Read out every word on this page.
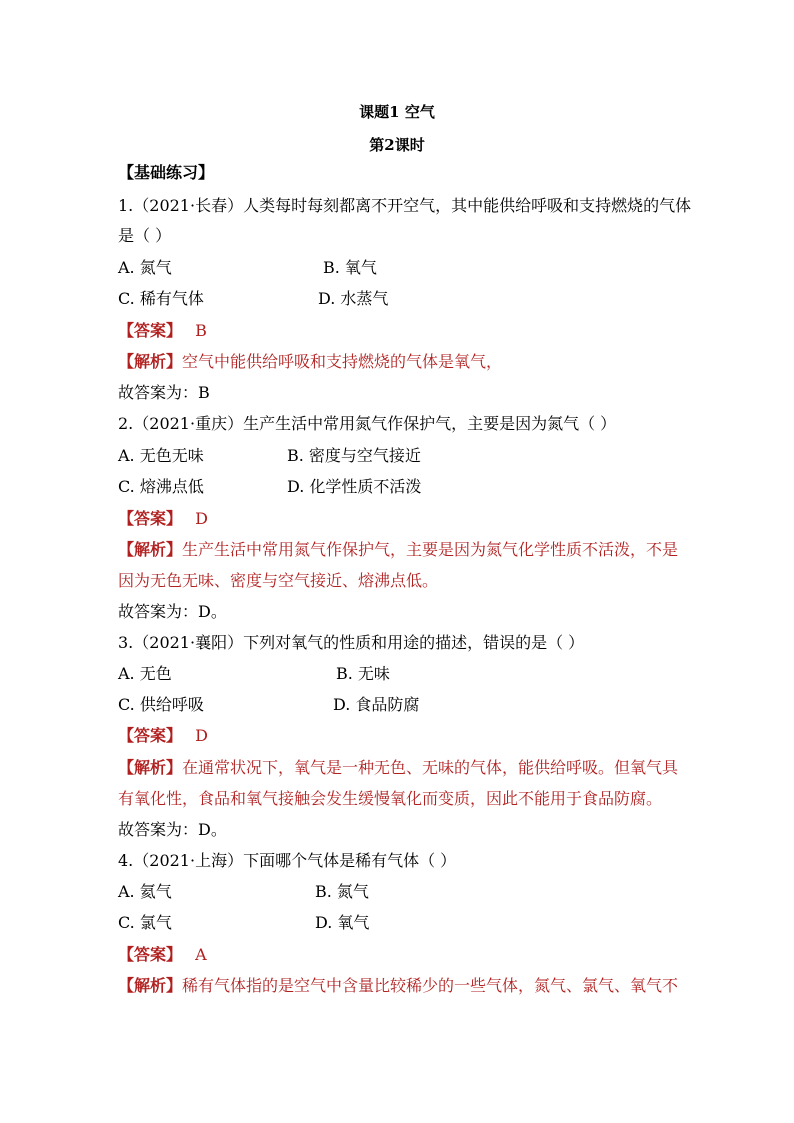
课题1 空气
第2课时
【基础练习】
1.（2021·长春）人类每时每刻都离不开空气，其中能供给呼吸和支持燃烧的气体
是（ ）
A. 氮气	B. 氧气
C. 稀有气体	D. 水蒸气
【答案】 B
【解析】空气中能供给呼吸和支持燃烧的气体是氧气，
故答案为：B
2.（2021·重庆）生产生活中常用氮气作保护气，主要是因为氮气（ ）
A. 无色无味	B. 密度与空气接近
C. 熔沸点低	D. 化学性质不活泼
【答案】 D
【解析】生产生活中常用氮气作保护气，主要是因为氮气化学性质不活泼，不是
因为无色无味、密度与空气接近、熔沸点低。
故答案为：D。
3.（2021·襄阳）下列对氧气的性质和用途的描述，错误的是（ ）
A. 无色	B. 无味
C. 供给呼吸	D. 食品防腐
【答案】 D
【解析】在通常状况下，氧气是一种无色、无味的气体，能供给呼吸。但氧气具
有氧化性，食品和氧气接触会发生缓慢氧化而变质，因此不能用于食品防腐。
故答案为：D。
4.（2021·上海）下面哪个气体是稀有气体（ ）
A. 氦气	B. 氮气
C. 氯气	D. 氧气
【答案】 A
【解析】稀有气体指的是空气中含量比较稀少的一些气体，氮气、氯气、氧气不
